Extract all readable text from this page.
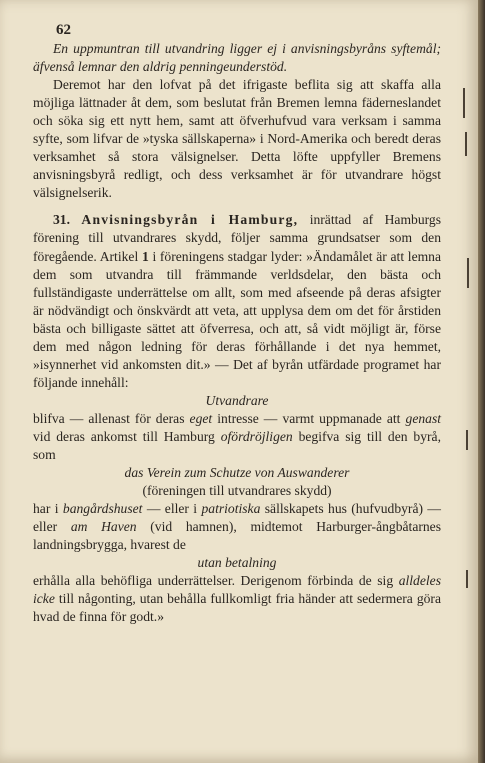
62

En uppmuntran till utvandring ligger ej i anvisningsbyråns syftemål; äfvenså lemnar den aldrig penningeunderstöd.

Deremot har den lofvat på det ifrigaste beflita sig att skaffa alla möjliga lättnader åt dem, som beslutat från Bremen lemna fäderneslandet och söka sig ett nytt hem, samt att öfverhufvud vara verksam i samma syfte, som lifvar de »tyska sällskaperna» i Nord-Amerika och beredt deras verksamhet så stora välsignelser. Detta löfte uppfyller Bremens anvisningsbyrå redligt, och dess verksamhet är för utvandrare högst välsignelserik.

31. Anvisningsbyrån i Hamburg, inrättad af Hamburgs förening till utvandrares skydd, följer samma grundsatser som den föregående. Artikel 1 i föreningens stadgar lyder: »Ändamålet är att lemna dem som utvandra till främmande verldsdelar, den bästa och fullständigaste underrättelse om allt, som med afseende på deras afsigter är nödvändigt och önskvärdt att veta, att upplysa dem om det för årstiden bästa och billigaste sättet att öfverresa, och att, så vidt möjligt är, förse dem med någon ledning för deras förhållande i det nya hemmet, »isynnerhet vid ankomsten dit.» — Det af byrån utfärdade programet har följande innehåll:

Utvandrare

blifva — allenast för deras eget intresse — varmt uppmanade att genast vid deras ankomst till Hamburg ofördröjligen begifva sig till den byrå, som

das Verein zum Schutze von Auswanderer

(föreningen till utvandrares skydd)

har i bangårdshuset — eller i patriotiska sällskapets hus (hufvudbyrå) — eller am Haven (vid hamnen), midtemot Harburger-ångbåtarnes landningsbrygga, hvarest de

utan betalning

erhålla alla behöfliga underrättelser. Derigenom förbinda de sig alldeles icke till någonting, utan behålla fullkomligt fria händer att sedermera göra hvad de finna för godt.»
